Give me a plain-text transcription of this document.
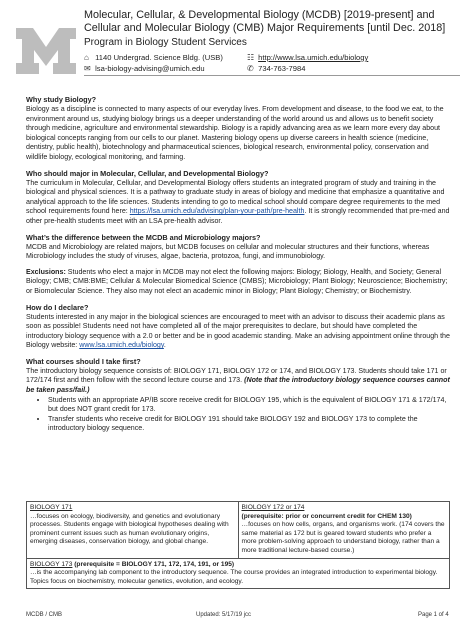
Molecular, Cellular, & Developmental Biology (MCDB) [2019-present] and Cellular and Molecular Biology (CMB) Major Requirements [until Dec. 2018]
Program in Biology Student Services
⌂ 1140 Undergrad. Science Bldg. (USB)	☷ http://www.lsa.umich.edu/biology
✉ lsa-biology-advising@umich.edu	✆ 734-763-7984
Why study Biology?

Biology as a discipline is connected to many aspects of our everyday lives. From development and disease, to the food we eat, to the environment around us, studying biology brings us a deeper understanding of the world around us and allows us to benefit society through medicine, agriculture and environmental stewardship. Biology is a rapidly advancing area as we learn more every day about biological concepts ranging from our cells to our planet. Mastering biology opens up diverse careers in health science (medicine, dentistry, public health), biotechnology and pharmaceutical sciences, biological research, environmental policy, conservation and wildlife biology, ecological monitoring, and farming.

Who should major in Molecular, Cellular, and Developmental Biology?

The curriculum in Molecular, Cellular, and Developmental Biology offers students an integrated program of study and training in the biological and physical sciences. It is a pathway to graduate study in areas of biology and medicine that emphasize a quantitative and analytical approach to the life sciences. Students intending to go to medical school should compare degree requirements to the med school requirements found here: https://lsa.umich.edu/advising/plan-your-path/pre-health. It is strongly recommended that pre-med and other pre-health students meet with an LSA pre-health advisor.

What’s the difference between the MCDB and Microbiology majors?

MCDB and Microbiology are related majors, but MCDB focuses on cellular and molecular structures and their functions, whereas Microbiology includes the study of viruses, algae, bacteria, protozoa, fungi, and immunobiology.

Exclusions: Students who elect a major in MCDB may not elect the following majors: Biology; Biology, Health, and Society; General Biology; CMB; CMB:BME; Cellular & Molecular Biomedical Science (CMBS); Microbiology; Plant Biology; Neuroscience; Biochemistry; or Biomolecular Science. They also may not elect an academic minor in Biology; Plant Biology; Chemistry; or Biochemistry.

How do I declare?

Students interested in any major in the biological sciences are encouraged to meet with an advisor to discuss their academic plans as soon as possible! Students need not have completed all of the major prerequisites to declare, but should have completed the introductory biology sequence with a 2.0 or better and be in good academic standing. Make an advising appointment online through the Biology website: www.lsa.umich.edu/biology.

What courses should I take first?

The introductory biology sequence consists of: BIOLOGY 171, BIOLOGY 172 or 174, and BIOLOGY 173. Students should take 171 or 172/174 first and then follow with the second lecture course and 173. (Note that the introductory biology sequence courses cannot be taken pass/fail.)

• Students with an appropriate AP/IB score receive credit for BIOLOGY 195, which is the equivalent of BIOLOGY 171 & 172/174, but does NOT grant credit for 173.
• Transfer students who receive credit for BIOLOGY 191 should take BIOLOGY 192 and BIOLOGY 173 to complete the introductory biology sequence.
BIOLOGY 171
…focuses on ecology, biodiversity, and genetics and evolutionary processes. Students engage with biological hypotheses dealing with prominent current issues such as human evolutionary origins, emerging diseases, conservation biology, and global change.

BIOLOGY 172 or 174
(prerequisite: prior or concurrent credit for CHEM 130)
…focuses on how cells, organs, and organisms work. (174 covers the same material as 172 but is geared toward students who prefer a more problem-solving approach to understand biology, rather than a more traditional lecture-based course.)

BIOLOGY 173 (prerequisite = BIOLOGY 171, 172, 174, 191, or 195)
…is the accompanying lab component to the introductory sequence. The course provides an integrated introduction to experimental biology. Topics focus on biochemistry, molecular genetics, evolution, and ecology.
MCDB / CMB	Updated: 5/17/19 jcc	Page 1 of 4
